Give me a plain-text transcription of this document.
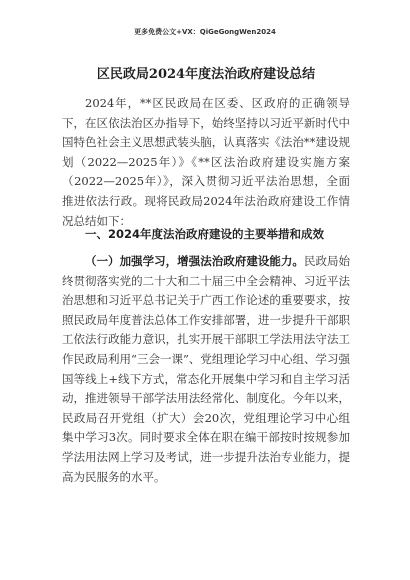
更多免费公文+VX：QiGeGongWen2024
区民政局2024年度法治政府建设总结

2024年，**区民政局在区委、区政府的正确领导下，在区依法治区办指导下，始终坚持以习近平新时代中国特色社会主义思想武装头脑，认真落实《法治**建设规划（2022—2025年）》《**区法治政府建设实施方案（2022—2025年）》，深入贯彻习近平法治思想，全面推进依法行政。现将民政局2024年法治政府建设工作情况总结如下：

一、2024年度法治政府建设的主要举措和成效

（一）加强学习，增强法治政府建设能力。民政局始终贯彻落实党的二十大和二十届三中全会精神、习近平法治思想和习近平总书记关于广西工作论述的重要要求，按照民政局年度普法总体工作安排部署，进一步提升干部职工依法行政能力意识，扎实开展干部职工学法用法守法工作民政局利用“三会一课”、党组理论学习中心组、学习强国等线上+线下方式，常态化开展集中学习和自主学习活动，推进领导干部学法用法经常化、制度化。今年以来，民政局召开党组（扩大）会20次，党组理论学习中心组集中学习3次。同时要求全体在职在编干部按时按规参加学法用法网上学习及考试，进一步提升法治专业能力，提高为民服务的水平。
